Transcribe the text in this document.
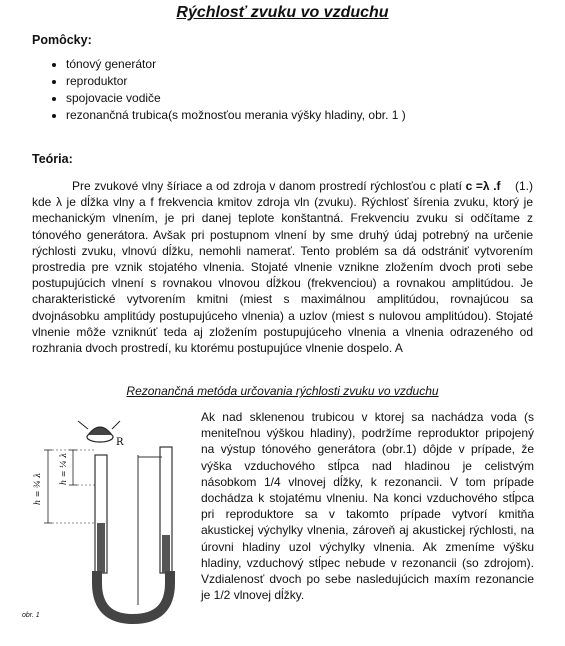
Rýchlosť zvuku vo vzduchu
Pomôcky:
• tónový generátor
• reproduktor
• spojovacie vodiče
• rezonančná trubica(s možnosťou merania výšky hladiny, obr. 1 )
Teória:
Pre zvukové vlny šíriace a od zdroja v danom prostredí rýchlosťou c platí c =λ .f (1.) kde λ je dĺžka vlny a f frekvencia kmitov zdroja vln (zvuku). Rýchlosť šírenia zvuku, ktorý je mechanickým vlnením, je pri danej teplote konštantná. Frekvenciu zvuku si odčítame z tónového generátora. Avšak pri postupnom vlnení by sme druhý údaj potrebný na určenie rýchlosti zvuku, vlnovú dĺžku, nemohli namerať. Tento problém sa dá odstrániť vytvorením prostredia pre vznik stojatého vlnenia. Stojaté vlnenie vznikne zložením dvoch proti sebe postupujúcich vlnení s rovnakou vlnovou dĺžkou (frekvenciou) a rovnakou amplitúdou. Je charakteristické vytvorením kmitni (miest s maximálnou amplitúdou, rovnajúcou sa dvojnásobku amplitúdy postupujúceho vlnenia) a uzlov (miest s nulovou amplitúdou). Stojaté vlnenie môže vzniknúť teda aj zložením postupujúceho vlnenia a vlnenia odrazeného od rozhrania dvoch prostredí, ku ktorému postupujúce vlnenie dospelo. A
Rezonančná metóda určovania rýchlosti zvuku vo vzduchu
Ak nad sklenenou trubicou v ktorej sa nachádza voda (s meniteľnou výškou hladiny), podržíme reproduktor pripojený na výstup tónového generátora (obr.1) dôjde v prípade, že výška vzduchového stĺpca nad hladinou je celistvým násobkom 1/4 vlnovej dĺžky, k rezonancii. V tom prípade dochádza k stojatému vlneniu. Na konci vzduchového stĺpca pri reproduktore sa v takomto prípade vytvorí kmitňa akustickej výchylky vlnenia, zároveň aj akustickej rýchlosti, na úrovni hladiny uzol výchylky vlnenia. Ak zmeníme výšku hladiny, vzduchový stĺpec nebude v rezonancii (so zdrojom). Vzdialenosť dvoch po sebe nasledujúcich maxím rezonancie je 1/2 vlnovej dĺžky.
R
h = ¾ λ
h = ¼ λ
obr. 1
